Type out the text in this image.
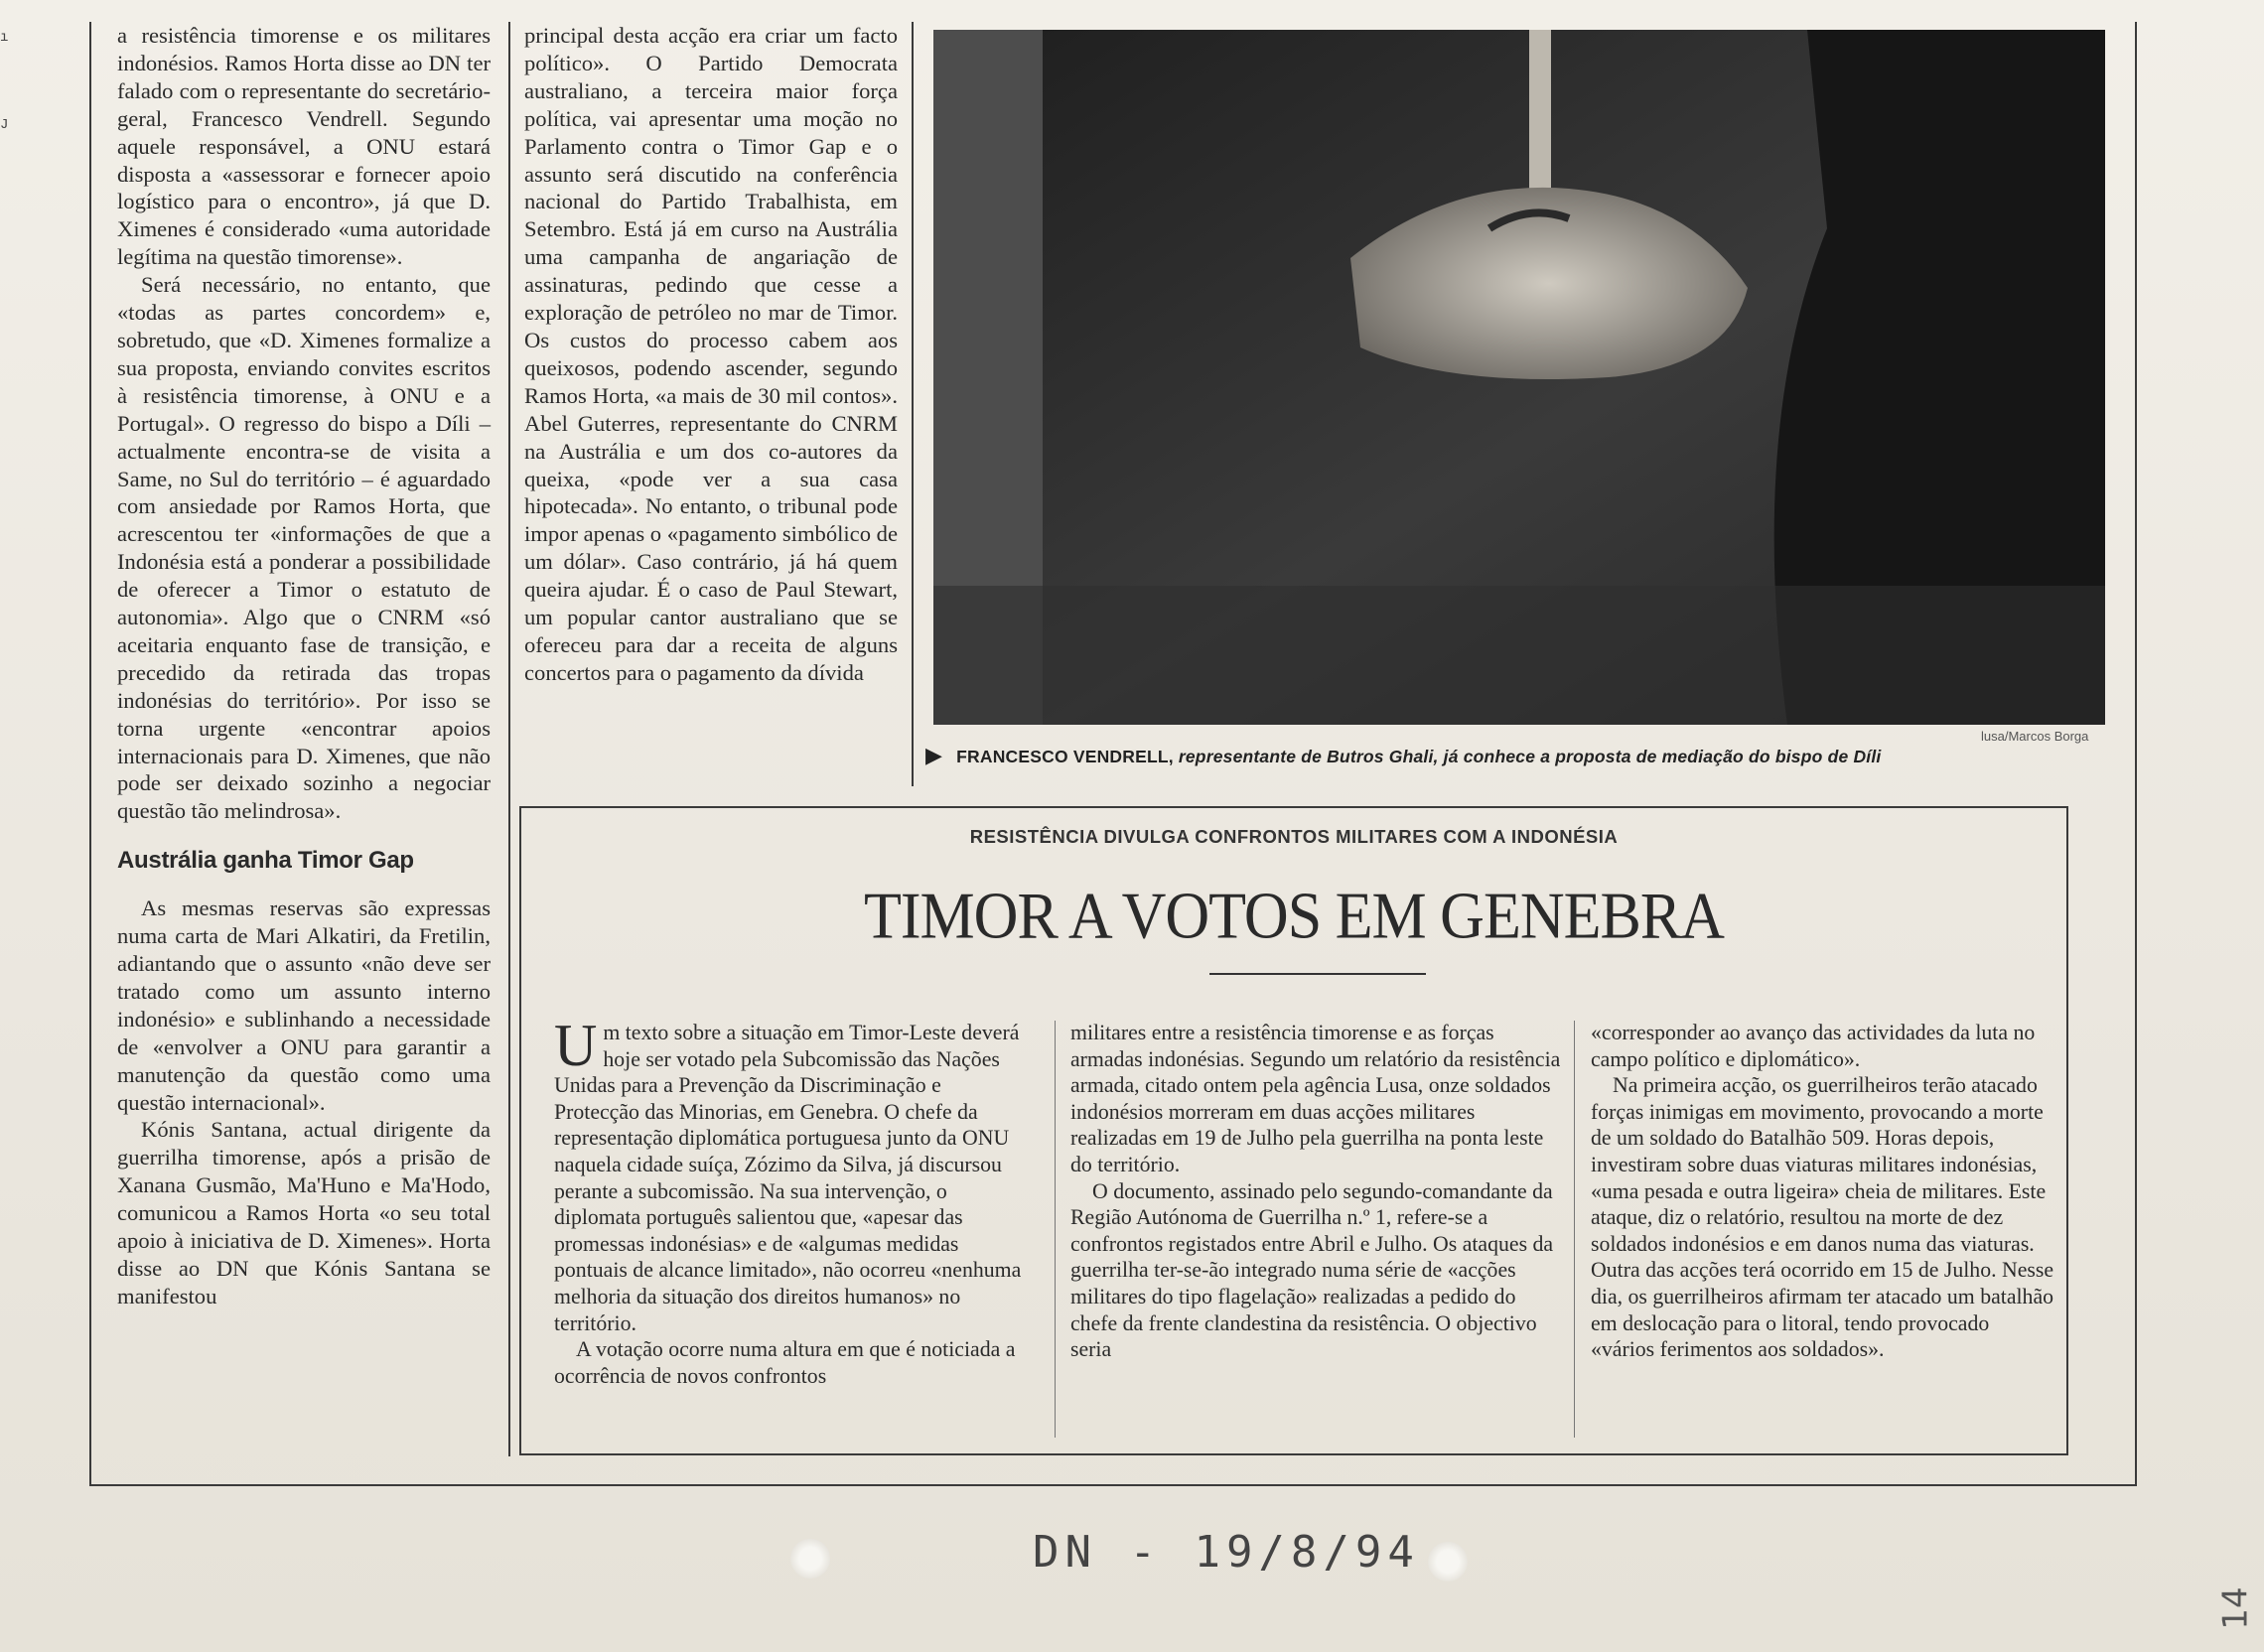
ı
J

a resistência timorense e os militares indonésios. Ramos Horta disse ao DN ter falado com o representante do secretário-geral, Francesco Vendrell. Segundo aquele responsável, a ONU estará disposta a «assessorar e fornecer apoio logístico para o encontro», já que D. Ximenes é considerado «uma autoridade legítima na questão timorense».

Será necessário, no entanto, que «todas as partes concordem» e, sobretudo, que «D. Ximenes formalize a sua proposta, enviando convites escritos à resistência timorense, à ONU e a Portugal». O regresso do bispo a Díli – actualmente encontra-se de visita a Same, no Sul do território – é aguardado com ansiedade por Ramos Horta, que acrescentou ter «informações de que a Indonésia está a ponderar a possibilidade de oferecer a Timor o estatuto de autonomia». Algo que o CNRM «só aceitaria enquanto fase de transição, e precedido da retirada das tropas indonésias do território». Por isso se torna urgente «encontrar apoios internacionais para D. Ximenes, que não pode ser deixado sozinho a negociar questão tão melindrosa».

Austrália ganha Timor Gap

As mesmas reservas são expressas numa carta de Mari Alkatiri, da Fretilin, adiantando que o assunto «não deve ser tratado como um assunto interno indonésio» e sublinhando a necessidade de «envolver a ONU para garantir a manutenção da questão como uma questão internacional».

Kónis Santana, actual dirigente da guerrilha timorense, após a prisão de Xanana Gusmão, Ma'Huno e Ma'Hodo, comunicou a Ramos Horta «o seu total apoio à iniciativa de D. Ximenes». Horta disse ao DN que Kónis Santana se manifestou

principal desta acção era criar um facto político». O Partido Democrata australiano, a terceira maior força política, vai apresentar uma moção no Parlamento contra o Timor Gap e o assunto será discutido na conferência nacional do Partido Trabalhista, em Setembro. Está já em curso na Austrália uma campanha de angariação de assinaturas, pedindo que cesse a exploração de petróleo no mar de Timor. Os custos do processo cabem aos queixosos, podendo ascender, segundo Ramos Horta, «a mais de 30 mil contos». Abel Guterres, representante do CNRM na Austrália e um dos co-autores da queixa, «pode ver a sua casa hipotecada». No entanto, o tribunal pode impor apenas o «pagamento simbólico de um dólar». Caso contrário, já há quem queira ajudar. É o caso de Paul Stewart, um popular cantor australiano que se ofereceu para dar a receita de alguns concertos para o pagamento da dívida

lusa/Marcos Borga
▶ FRANCESCO VENDRELL, representante de Butros Ghali, já conhece a proposta de mediação do bispo de Díli
RESISTÊNCIA DIVULGA CONFRONTOS MILITARES COM A INDONÉSIA
TIMOR A VOTOS EM GENEBRA

Um texto sobre a situação em Timor-Leste deverá hoje ser votado pela Subcomissão das Nações Unidas para a Prevenção da Discriminação e Protecção das Minorias, em Genebra. O chefe da representação diplomática portuguesa junto da ONU naquela cidade suíça, Zózimo da Silva, já discursou perante a subcomissão. Na sua intervenção, o diplomata português salientou que, «apesar das promessas indonésias» e de «algumas medidas pontuais de alcance limitado», não ocorreu «nenhuma melhoria da situação dos direitos humanos» no território.

A votação ocorre numa altura em que é noticiada a ocorrência de novos confrontos

militares entre a resistência timorense e as forças armadas indonésias. Segundo um relatório da resistência armada, citado ontem pela agência Lusa, onze soldados indonésios morreram em duas acções militares realizadas em 19 de Julho pela guerrilha na ponta leste do território.

O documento, assinado pelo segundo-comandante da Região Autónoma de Guerrilha n.º 1, refere-se a confrontos registados entre Abril e Julho. Os ataques da guerrilha ter-se-ão integrado numa série de «acções militares do tipo flagelação» realizadas a pedido do chefe da frente clandestina da resistência. O objectivo seria

«corresponder ao avanço das actividades da luta no campo político e diplomático».

Na primeira acção, os guerrilheiros terão atacado forças inimigas em movimento, provocando a morte de um soldado do Batalhão 509. Horas depois, investiram sobre duas viaturas militares indonésias, «uma pesada e outra ligeira» cheia de militares. Este ataque, diz o relatório, resultou na morte de dez soldados indonésios e em danos numa das viaturas. Outra das acções terá ocorrido em 15 de Julho. Nesse dia, os guerrilheiros afirmam ter atacado um batalhão em deslocação para o litoral, tendo provocado «vários ferimentos aos soldados».

DN - 19/8/94
14
